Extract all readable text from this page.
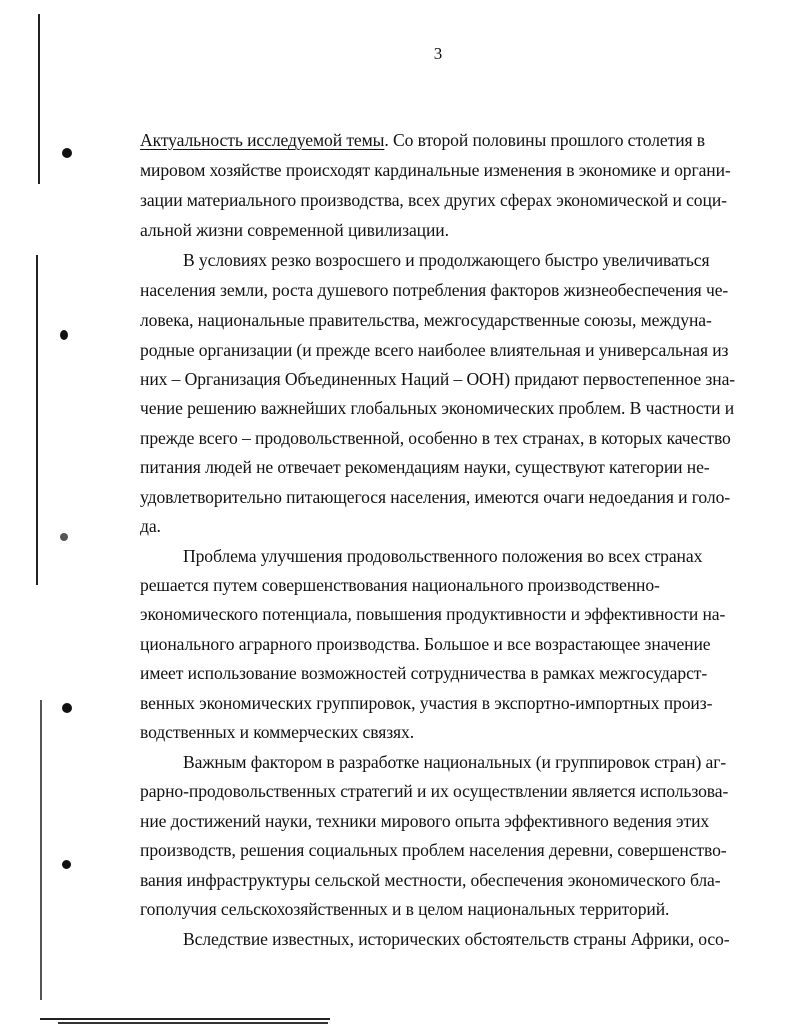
3
Актуальность исследуемой темы. Со второй половины прошлого столетия в
мировом хозяйстве происходят кардинальные изменения в экономике и органи-
зации материального производства, всех других сферах экономической и соци-
альной жизни современной цивилизации.
В условиях резко возросшего и продолжающего быстро увеличиваться
населения земли, роста душевого потребления факторов жизнеобеспечения че-
ловека, национальные правительства, межгосударственные союзы, междуна-
родные организации (и прежде всего наиболее влиятельная и универсальная из
них – Организация Объединенных Наций – ООН) придают первостепенное зна-
чение решению важнейших глобальных экономических проблем. В частности и
прежде всего – продовольственной, особенно в тех странах, в которых качество
питания людей не отвечает рекомендациям науки, существуют категории не-
удовлетворительно питающегося населения, имеются очаги недоедания и голо-
да.
Проблема улучшения продовольственного положения во всех странах
решается путем совершенствования национального производственно-
экономического потенциала, повышения продуктивности и эффективности на-
ционального аграрного производства. Большое и все возрастающее значение
имеет использование возможностей сотрудничества в рамках межгосударст-
венных экономических группировок, участия в экспортно-импортных произ-
водственных и коммерческих связях.
Важным фактором в разработке национальных (и группировок стран) аг-
рарно-продовольственных стратегий и их осуществлении является использова-
ние достижений науки, техники мирового опыта эффективного ведения этих
производств, решения социальных проблем населения деревни, совершенство-
вания инфраструктуры сельской местности, обеспечения экономического бла-
гополучия сельскохозяйственных и в целом национальных территорий.
Вследствие известных, исторических обстоятельств страны Африки, осо-
